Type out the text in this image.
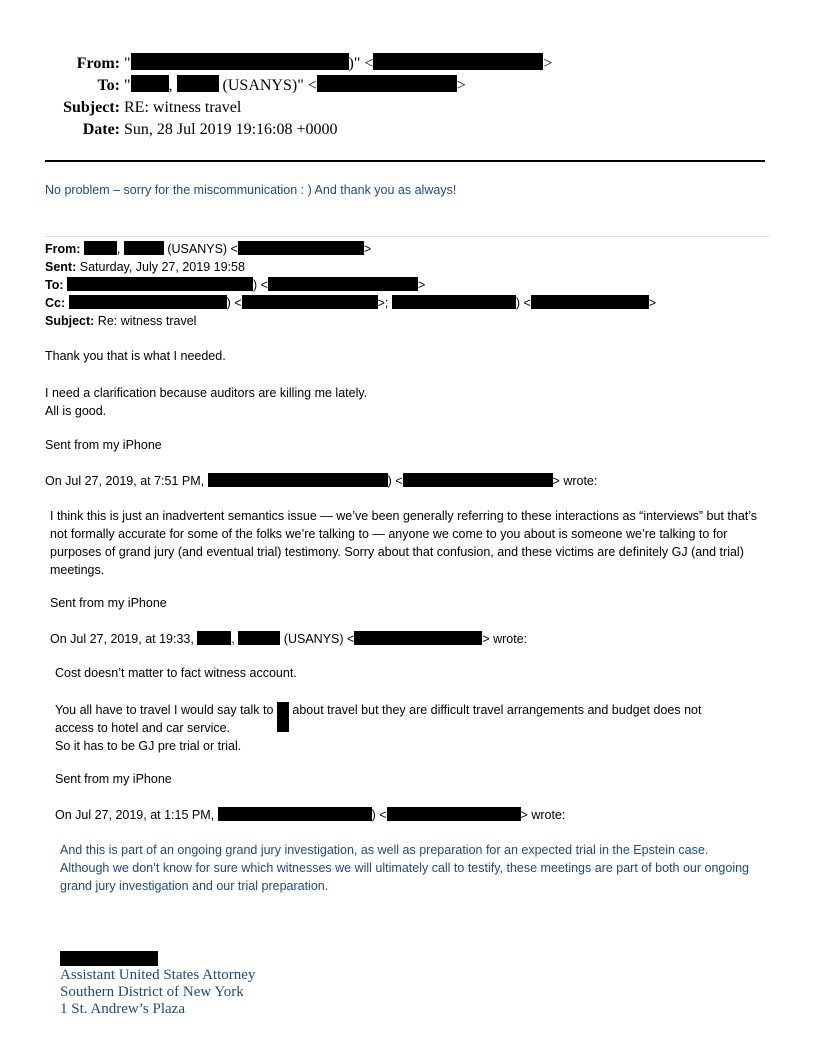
From: "	)" <	>
To: " ,	(USANYS)" <	>
Subject: RE: witness travel
Date: Sun, 28 Jul 2019 19:16:08 +0000
No problem – sorry for the miscommunication : ) And thank you as always!
From:	,	(USANYS) <	>
Sent: Saturday, July 27, 2019 19:58
To:	) <	>
Cc:	) <	>;	) <	>
Subject: Re: witness travel
Thank you that is what I needed.
I need a clarification because auditors are killing me lately.
All is good.
Sent from my iPhone
On Jul 27, 2019, at 7:51 PM,	) <	> wrote:
I think this is just an inadvertent semantics issue — we’ve been generally referring to these interactions as “interviews” but that’s not formally accurate for some of the folks we’re talking to — anyone we come to you about is someone we’re talking to for purposes of grand jury (and eventual trial) testimony. Sorry about that confusion, and these victims are definitely GJ (and trial) meetings.
Sent from my iPhone
On Jul 27, 2019, at 19:33,	,	(USANYS) <	> wrote:
Cost doesn’t matter to fact witness account.
You all have to travel I would say talk to about travel but they are difficult travel arrangements and budget does not
access to hotel and car service.
So it has to be GJ pre trial or trial.
Sent from my iPhone
On Jul 27, 2019, at 1:15 PM,	) <	> wrote:
And this is part of an ongoing grand jury investigation, as well as preparation for an expected trial in the Epstein case. Although we don’t know for sure which witnesses we will ultimately call to testify, these meetings are part of both our ongoing grand jury investigation and our trial preparation.
Assistant United States Attorney
Southern District of New York
1 St. Andrew’s Plaza
